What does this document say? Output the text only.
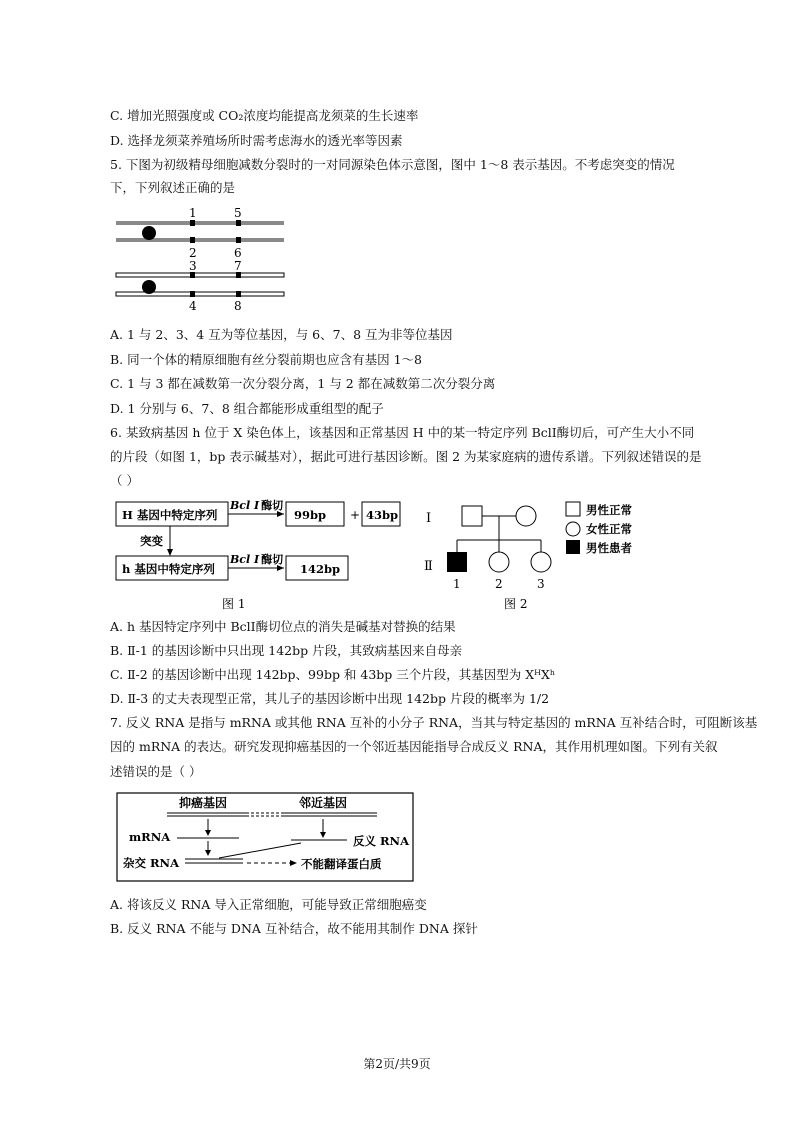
C. 增加光照强度或 CO₂浓度均能提高龙须菜的生长速率
D. 选择龙须菜养殖场所时需考虑海水的透光率等因素
5. 下图为初级精母细胞减数分裂时的一对同源染色体示意图，图中 1～8 表示基因。不考虑突变的情况
下，下列叙述正确的是
1	5
2	6
3	7
4	8
A. 1 与 2、3、4 互为等位基因，与 6、7、8 互为非等位基因
B. 同一个体的精原细胞有丝分裂前期也应含有基因 1～8
C. 1 与 3 都在减数第一次分裂分离，1 与 2 都在减数第二次分裂分离
D. 1 分别与 6、7、8 组合都能形成重组型的配子
6. 某致病基因 h 位于 X 染色体上，该基因和正常基因 H 中的某一特定序列 BclⅠ酶切后，可产生大小不同
的片段（如图 1，bp 表示碱基对），据此可进行基因诊断。图 2 为某家庭病的遗传系谱。下列叙述错误的是
（ ）
H 基因中特定序列
Bcl Ⅰ 酶切
99bp + 43bp
突变
h 基因中特定序列
Bcl Ⅰ 酶切
142bp
图 1
Ⅰ
Ⅱ
1	2	3
男性正常
女性正常
男性患者
图 2
A. h 基因特定序列中 BclⅠ酶切位点的消失是碱基对替换的结果
B. Ⅱ-1 的基因诊断中只出现 142bp 片段，其致病基因来自母亲
C. Ⅱ-2 的基因诊断中出现 142bp、99bp 和 43bp 三个片段，其基因型为 XᴴXʰ
D. Ⅱ-3 的丈夫表现型正常，其儿子的基因诊断中出现 142bp 片段的概率为 1/2
7. 反义 RNA 是指与 mRNA 或其他 RNA 互补的小分子 RNA，当其与特定基因的 mRNA 互补结合时，可阻断该基
因的 mRNA 的表达。研究发现抑癌基因的一个邻近基因能指导合成反义 RNA，其作用机理如图。下列有关叙
述错误的是（ ）
抑癌基因	邻近基因
mRNA	反义 RNA
杂交 RNA	不能翻译蛋白质
A. 将该反义 RNA 导入正常细胞，可能导致正常细胞癌变
B. 反义 RNA 不能与 DNA 互补结合，故不能用其制作 DNA 探针
第2页/共9页
